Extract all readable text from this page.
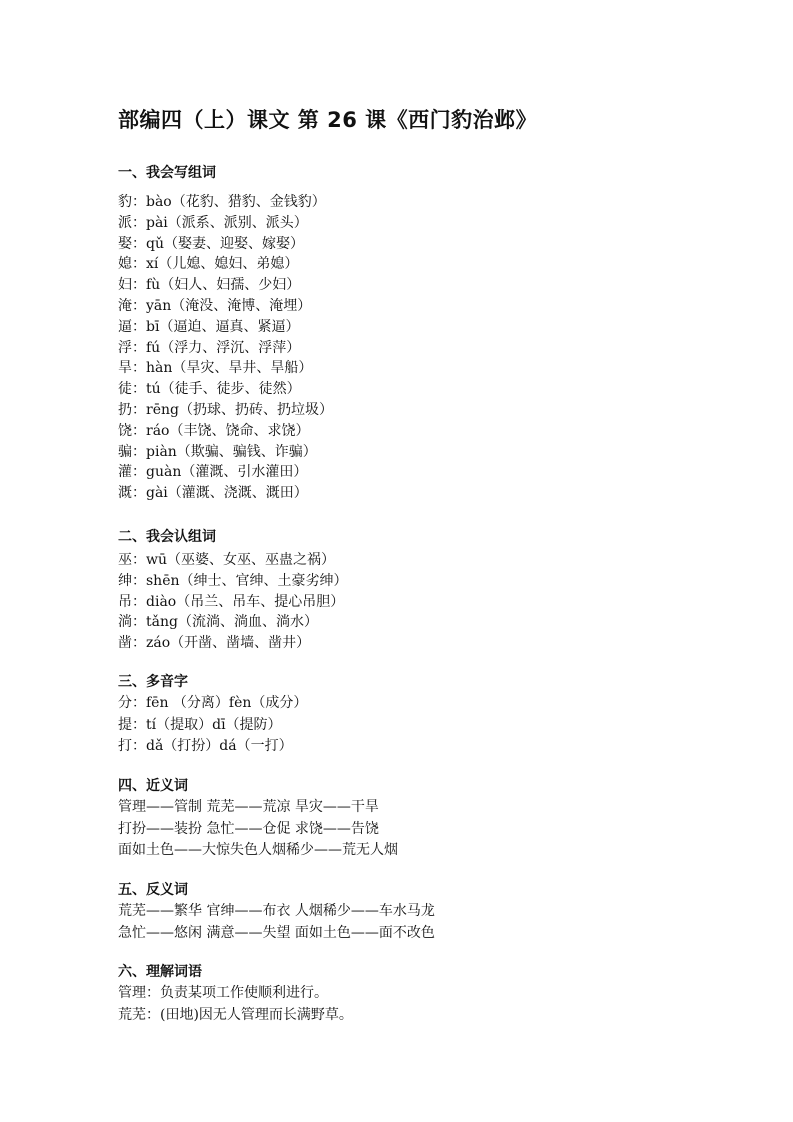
部编四（上）课文 第 26 课《西门豹治邺》
一、我会写组词
豹：bào（花豹、猎豹、金钱豹）
派：pài（派系、派别、派头）
娶：qǔ（娶妻、迎娶、嫁娶）
媳：xí（儿媳、媳妇、弟媳）
妇：fù（妇人、妇孺、少妇）
淹：yān（淹没、淹博、淹埋）
逼：bī（逼迫、逼真、紧逼）
浮：fú（浮力、浮沉、浮萍）
旱：hàn（旱灾、旱井、旱船）
徒：tú（徒手、徒步、徒然）
扔：rēng（扔球、扔砖、扔垃圾）
饶：ráo（丰饶、饶命、求饶）
骗：piàn（欺骗、骗钱、诈骗）
灌：guàn（灌溉、引水灌田）
溉：gài（灌溉、浇溉、溉田）
二、我会认组词
巫：wū（巫婆、女巫、巫蛊之祸）
绅：shēn（绅士、官绅、土豪劣绅）
吊：diào（吊兰、吊车、提心吊胆）
淌：tǎng（流淌、淌血、淌水）
凿：záo（开凿、凿墙、凿井）
三、多音字
分：fēn （分离）fèn（成分）
提：tí（提取）dī（提防）
打：dǎ（打扮）dá（一打）
四、近义词
管理——管制 荒芜——荒凉 旱灾——干旱
打扮——装扮 急忙——仓促 求饶——告饶
面如土色——大惊失色人烟稀少——荒无人烟
五、反义词
荒芜——繁华 官绅——布衣 人烟稀少——车水马龙
急忙——悠闲 满意——失望 面如土色——面不改色
六、理解词语
管理：负责某项工作使顺利进行。
荒芜：(田地)因无人管理而长满野草。
